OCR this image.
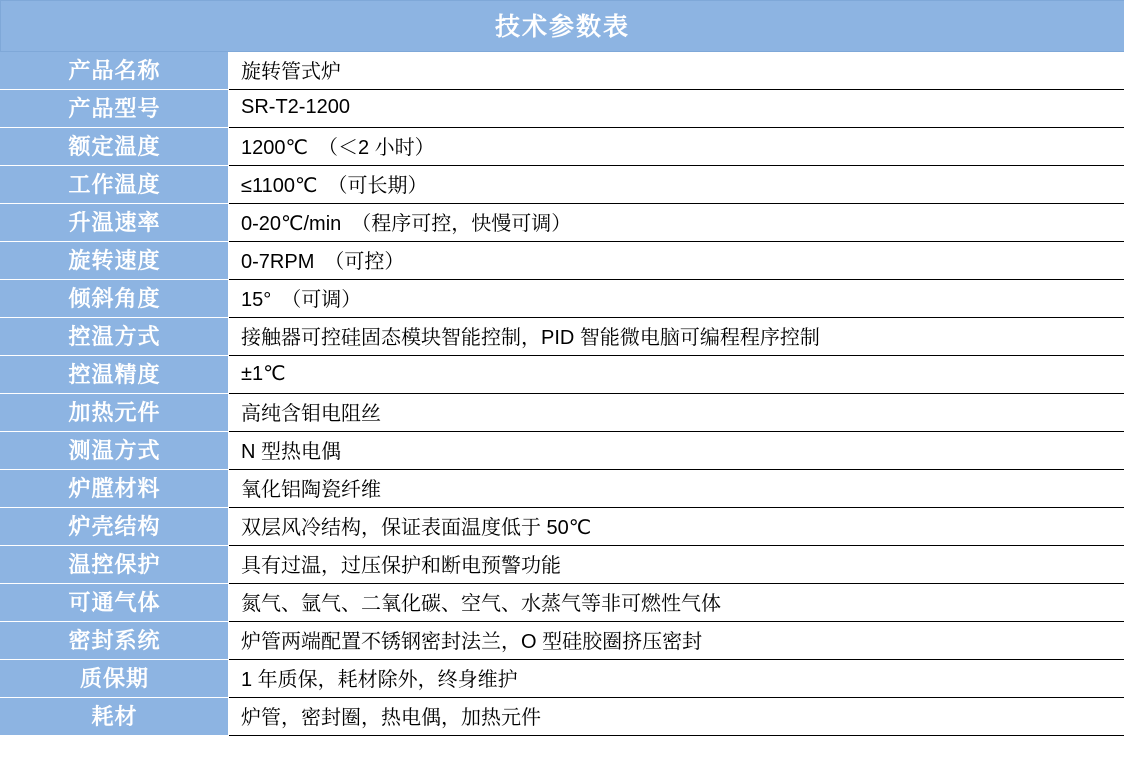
技术参数表	
产品名称	旋转管式炉
产品型号	SR-T2-1200
额定温度	1200℃　（＜2 小时）
工作温度	≤1100℃　（可长期）
升温速率	0-20℃/min　（程序可控，快慢可调）
旋转速度	0-7RPM　（可控）
倾斜角度	15°　（可调）
控温方式	接触器可控硅固态模块智能控制，PID 智能微电脑可编程程序控制
控温精度	±1℃
加热元件	高纯含钼电阻丝
测温方式	N 型热电偶
炉膛材料	氧化铝陶瓷纤维
炉壳结构	双层风冷结构，保证表面温度低于 50℃
温控保护	具有过温，过压保护和断电预警功能
可通气体	氮气、氩气、二氧化碳、空气、水蒸气等非可燃性气体
密封系统	炉管两端配置不锈钢密封法兰，O 型硅胶圈挤压密封
质保期	1 年质保，耗材除外，终身维护
耗材	炉管，密封圈，热电偶，加热元件
